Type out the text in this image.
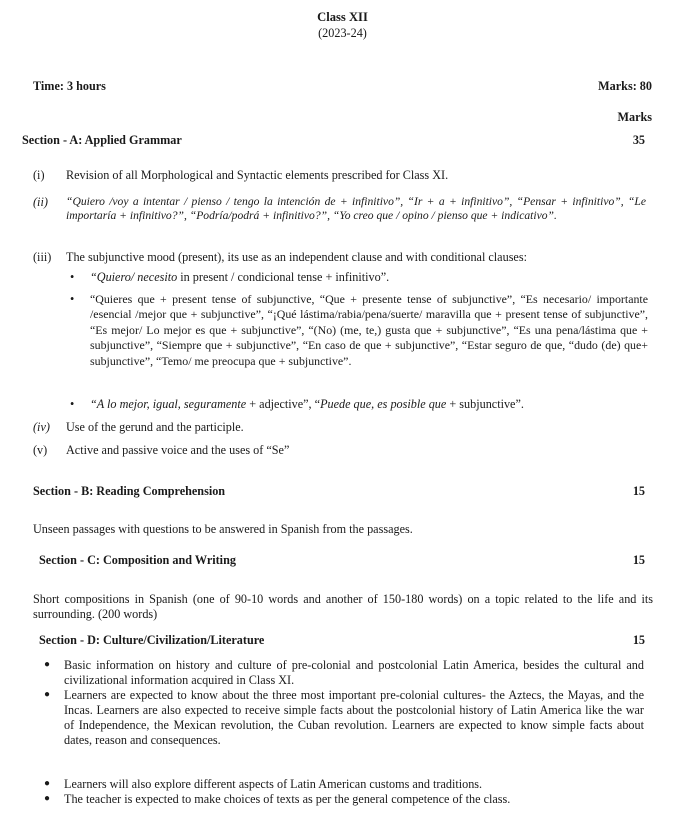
Class XII
(2023-24)
Time: 3 hours	Marks: 80
Marks
Section - A: Applied Grammar	35
(i)	Revision of all Morphological and Syntactic elements prescribed for Class XI.
(ii)	“Quiero /voy a intentar / pienso / tengo la intención de + infinitivo”, “Ir + a + infinitivo”, “Pensar + infinitivo”, “Le importaría + infinitivo?”, “Podría/podrá + infinitivo?”, “Yo creo que / opino / pienso que + indicativo”.
(iii)	The subjunctive mood (present), its use as an independent clause and with conditional clauses:
•	“Quiero/ necesito in present / condicional tense + infinitivo”.
•	“Quieres que + present tense of subjunctive, “Que + presente tense of subjunctive”, “Es necesario/ importante /esencial /mejor que + subjunctive”, “¡Qué lástima/rabia/pena/suerte/ maravilla que + present tense of subjunctive”, “Es mejor/ Lo mejor es que + subjunctive”, “(No) (me, te,) gusta que + subjunctive”, “Es una pena/lástima que + subjunctive”, “Siempre que + subjunctive”, “En caso de que + subjunctive”, “Estar seguro de que, “dudo (de) que+ subjunctive”, “Temo/ me preocupa que + subjunctive”.
•	“A lo mejor, igual, seguramente + adjective”, “Puede que, es posible que + subjunctive”.
(iv)	Use of the gerund and the participle.
(v)	Active and passive voice and the uses of “Se”
Section - B: Reading Comprehension	15
Unseen passages with questions to be answered in Spanish from the passages.
Section - C: Composition and Writing	15
Short compositions in Spanish (one of 90-10 words and another of 150-180 words) on a topic related to the life and its surrounding. (200 words)
Section - D: Culture/Civilization/Literature	15
●	Basic information on history and culture of pre-colonial and postcolonial Latin America, besides the cultural and civilizational information acquired in Class XI.
●	Learners are expected to know about the three most important pre-colonial cultures- the Aztecs, the Mayas, and the Incas. Learners are also expected to receive simple facts about the postcolonial history of Latin America like the war of Independence, the Mexican revolution, the Cuban revolution. Learners are expected to know simple facts about dates, reason and consequences.
●	Learners will also explore different aspects of Latin American customs and traditions.
●	The teacher is expected to make choices of texts as per the general competence of the class.
